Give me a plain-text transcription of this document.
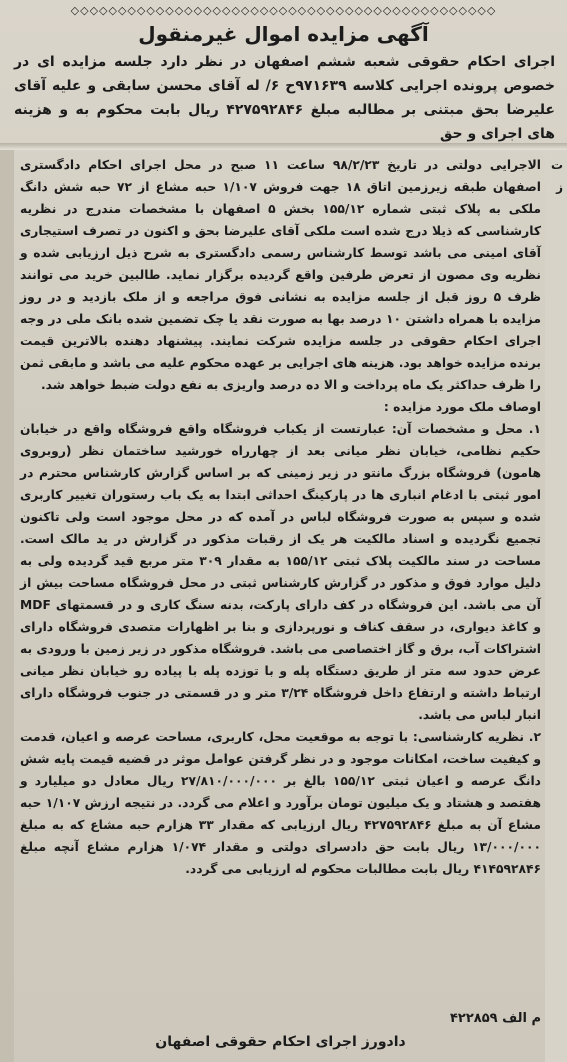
◇◇◇◇◇◇◇◇◇◇◇◇◇◇◇◇◇◇◇◇◇◇◇◇◇◇◇◇◇◇◇◇◇◇◇◇◇◇◇◇◇◇◇◇◇
آگهی مزایده اموال غیرمنقول
اجرای احکام حقوقی شعبه ششم اصفهان در نظر دارد جلسه مزایده ای در خصوص پرونده اجرایی کلاسه ۹۷۱۶۳۹ح ۶/ له آقای محسن سابقی و علیه آقای علیرضا بحق مبتنی بر مطالبه مبلغ ۴۲۷۵۹۲۸۴۶ ریال بابت محکوم به و هزینه های اجرای و حق
ت
ز

الاجرایی دولتی در تاریخ ۹۸/۲/۲۳ ساعت ۱۱ صبح در محل اجرای احکام دادگستری اصفهان طبقه زیرزمین اتاق ۱۸ جهت فروش ۱/۱۰۷ حبه مشاع از ۷۲ حبه شش دانگ ملکی به پلاک ثبتی شماره ۱۵۵/۱۲ بخش ۵ اصفهان با مشخصات مندرج در نظریه کارشناسی که ذیلا درج شده است ملکی آقای علیرضا بحق و اکنون در تصرف استیجاری آقای امینی می باشد توسط کارشناس رسمی دادگستری به شرح ذیل ارزیابی شده و نظریه وی مصون از تعرض طرفین واقع گردیده برگزار نماید. طالبین خرید می توانند ظرف ۵ روز قبل از جلسه مزایده به نشانی فوق مراجعه و از ملک بازدید و در روز مزایده با همراه داشتن ۱۰ درصد بها به صورت نقد یا چک تضمین شده بانک ملی در وجه اجرای احکام حقوقی در جلسه مزایده شرکت نمایند. پیشنهاد دهنده بالاترین قیمت برنده مزایده خواهد بود. هزینه های اجرایی بر عهده محکوم علیه می باشد و مابقی ثمن را ظرف حداکثر یک ماه پرداخت و الا ده درصد واریزی به نفع دولت ضبط خواهد شد.

اوصاف ملک مورد مزایده :

۱. محل و مشخصات آن: عبارتست از یکباب فروشگاه واقع فروشگاه واقع در خیابان حکیم نظامی، خیابان نظر میانی بعد از چهارراه خورشید ساختمان نظر (روبروی هامون) فروشگاه بزرگ مانتو در زیر زمینی که بر اساس گزارش کارشناس محترم در امور ثبتی با ادغام انباری ها در پارکینگ احداثی ابتدا به یک باب رستوران تغییر کاربری شده و سپس به صورت فروشگاه لباس در آمده که در محل موجود است ولی تاکنون تجمیع نگردیده و اسناد مالکیت هر یک از رقبات مذکور در گزارش در ید مالک است. مساحت در سند مالکیت پلاک ثبتی ۱۵۵/۱۲ به مقدار ۳۰۹ متر مربع قید گردیده ولی به دلیل موارد فوق و مذکور در گزارش کارشناس ثبتی در محل فروشگاه مساحت بیش از آن می باشد. این فروشگاه در کف دارای پارکت، بدنه سنگ کاری و در قسمتهای MDF و کاغذ دیواری، در سقف کناف و نورپردازی و بنا بر اظهارات متصدی فروشگاه دارای اشتراکات آب، برق و گاز اختصاصی می باشد. فروشگاه مذکور در زیر زمین با ورودی به عرض حدود سه متر از طریق دستگاه پله و با توزده پله با پیاده رو خیابان نظر میانی ارتباط داشته و ارتفاع داخل فروشگاه ۳/۲۴ متر و در قسمتی در جنوب فروشگاه دارای انبار لباس می باشد.

۲. نظریه کارشناسی: با توجه به موقعیت محل، کاربری، مساحت عرصه و اعیان، قدمت و کیفیت ساخت، امکانات موجود و در نظر گرفتن عوامل موثر در قضیه قیمت پایه شش دانگ عرصه و اعیان ثبتی ۱۵۵/۱۲ بالغ بر ۲۷/۸۱۰/۰۰۰/۰۰۰ ریال معادل دو میلیارد و هفتصد و هشتاد و یک میلیون تومان برآورد و اعلام می گردد. در نتیجه ارزش ۱/۱۰۷ حبه مشاع آن به مبلغ ۴۲۷۵۹۲۸۴۶ ریال ارزیابی که مقدار ۳۳ هزارم حبه مشاع که به مبلغ ۱۳/۰۰۰/۰۰۰ ریال بابت حق دادسرای دولتی و مقدار ۱/۰۷۴ هزارم مشاع آنچه مبلغ ۴۱۴۵۹۲۸۴۶ ریال بابت مطالبات محکوم له ارزیابی می گردد.

م الف ۴۲۲۸۵۹
دادورز اجرای احکام حقوقی اصفهان
